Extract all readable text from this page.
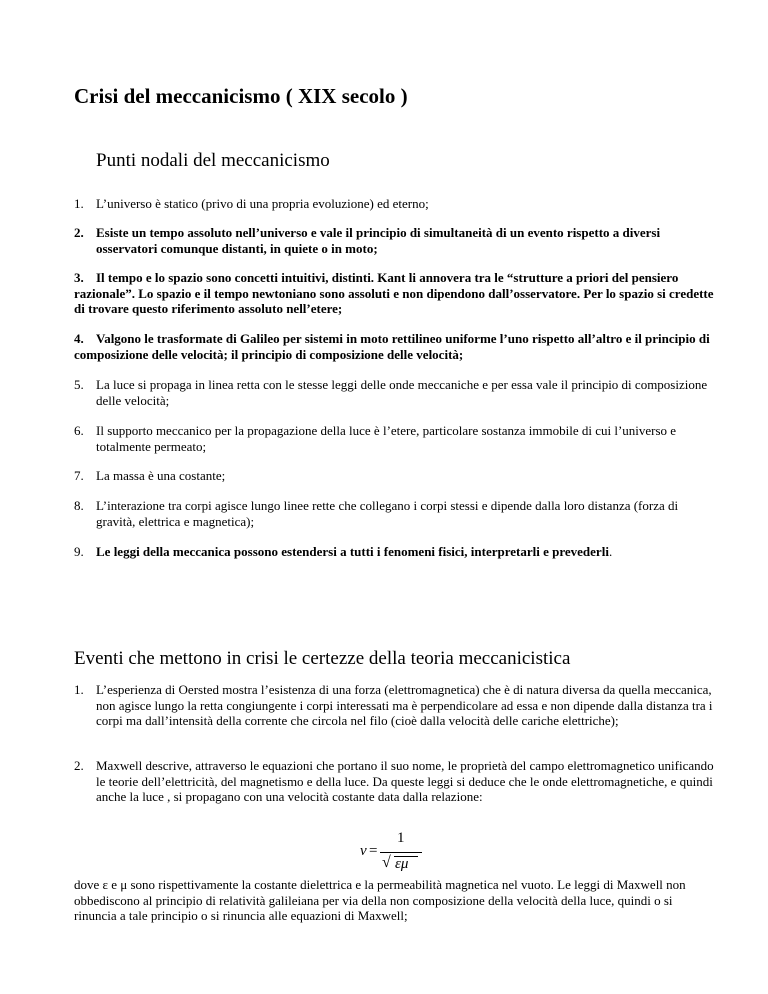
Crisi del meccanicismo ( XIX secolo )
Punti nodali del meccanicismo
1. L’universo è statico (privo di una propria evoluzione) ed eterno;
2. Esiste un tempo assoluto nell’universo e vale il principio di simultaneità di un evento rispetto a diversi osservatori comunque distanti, in quiete o in moto;
3. Il tempo e lo spazio sono concetti intuitivi, distinti. Kant li annovera tra le “strutture a priori del pensiero razionale”. Lo spazio e il tempo newtoniano sono assoluti e non dipendono dall’osservatore. Per lo spazio si credette di trovare questo riferimento assoluto nell’etere;
4. Valgono le trasformate di Galileo per sistemi in moto rettilineo uniforme l’uno rispetto all’altro e il principio di composizione delle velocità; il principio di composizione delle velocità;
5. La luce si propaga in linea retta con le stesse leggi delle onde meccaniche e per essa vale il principio di composizione delle velocità;
6. Il supporto meccanico per la propagazione della luce è l’etere, particolare sostanza immobile di cui l’universo e totalmente permeato;
7. La massa è una costante;
8. L’interazione tra corpi agisce lungo linee rette che collegano i corpi stessi e dipende dalla loro distanza (forza di gravità, elettrica e magnetica);
9. Le leggi della meccanica possono estendersi a tutti i fenomeni fisici, interpretarli e prevederli.
Eventi che mettono in crisi le certezze della teoria meccanicistica
1. L’esperienza di Oersted mostra l’esistenza di una forza (elettromagnetica) che è di natura diversa da quella meccanica, non agisce lungo la retta congiungente i corpi interessati ma è perpendicolare ad essa e non dipende dalla distanza tra i corpi ma dall’intensità della corrente che circola nel filo (cioè dalla velocità delle cariche elettriche);
2. Maxwell descrive, attraverso le equazioni che portano il suo nome, le proprietà del campo elettromagnetico unificando le teorie dell’elettricità, del magnetismo e della luce. Da queste leggi si deduce che le onde elettromagnetiche, e quindi anche la luce , si propagano con una velocità costante data dalla relazione:
v =
1
√ εμ
dove ε e μ sono rispettivamente la costante dielettrica e la permeabilità magnetica nel vuoto. Le leggi di Maxwell non obbediscono al principio di relatività galileiana per via della non composizione della velocità della luce, quindi o si rinuncia a tale principio o si rinuncia alle equazioni di Maxwell;
